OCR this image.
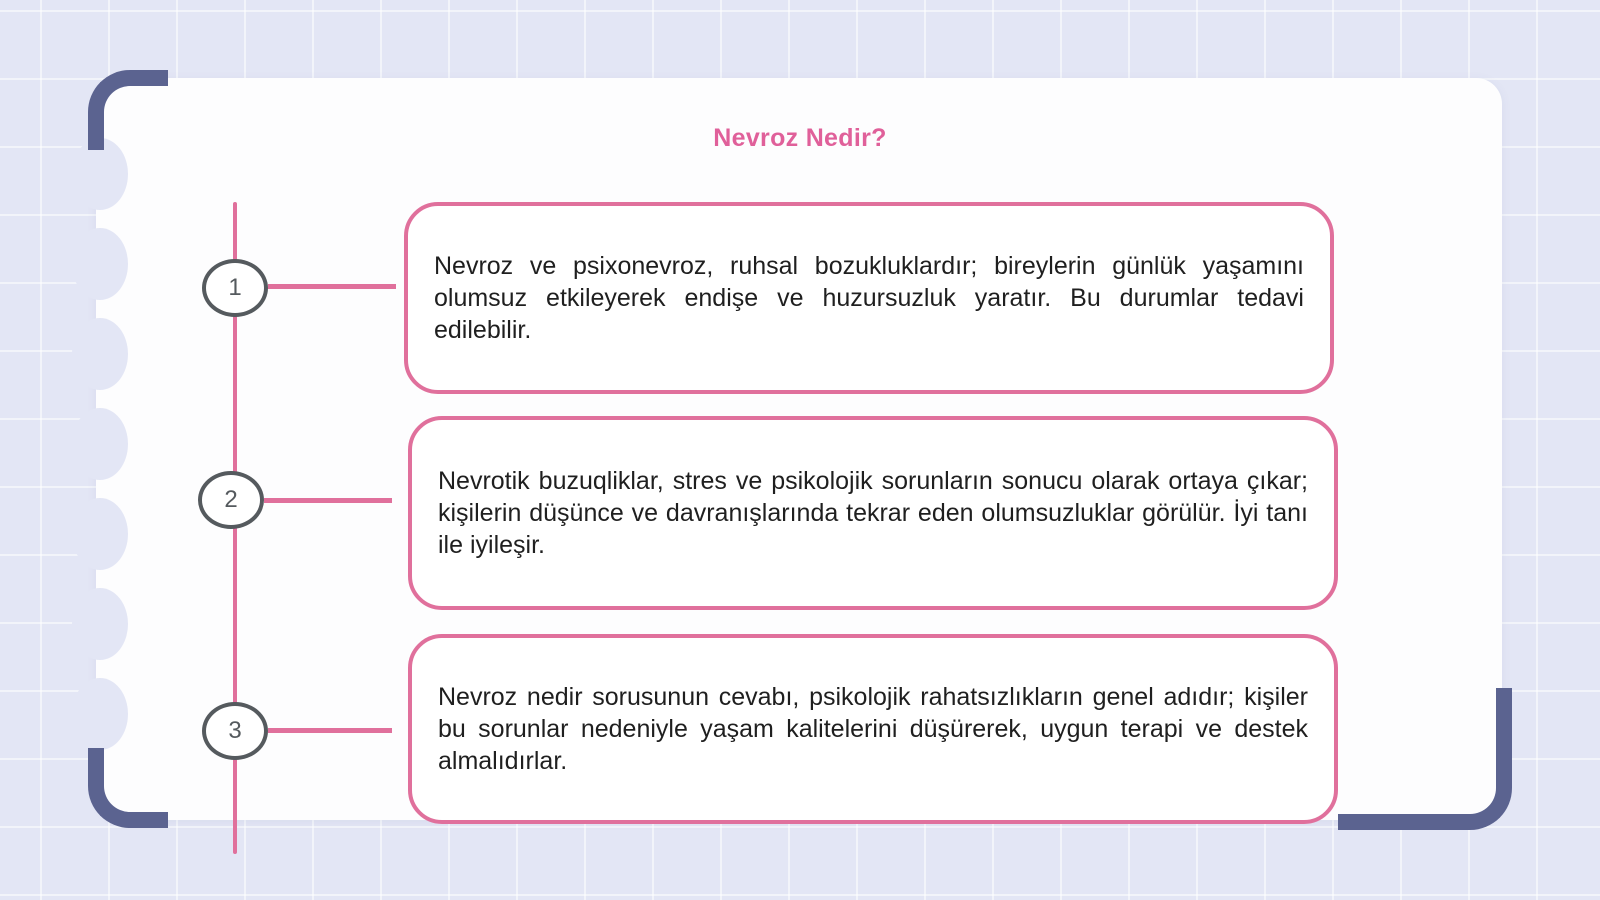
Nevroz Nedir?
1

Nevroz ve psixonevroz, ruhsal bozukluklardır; bireylerin günlük yaşamını olumsuz etkileyerek endişe ve huzursuzluk yaratır. Bu durumlar tedavi edilebilir.

2

Nevrotik buzuqliklar, stres ve psikolojik sorunların sonucu olarak ortaya çıkar; kişilerin düşünce ve davranışlarında tekrar eden olumsuzluklar görülür. İyi tanı ile iyileşir.

3

Nevroz nedir sorusunun cevabı, psikolojik rahatsızlıkların genel adıdır; kişiler bu sorunlar nedeniyle yaşam kalitelerini düşürerek, uygun terapi ve destek almalıdırlar.
